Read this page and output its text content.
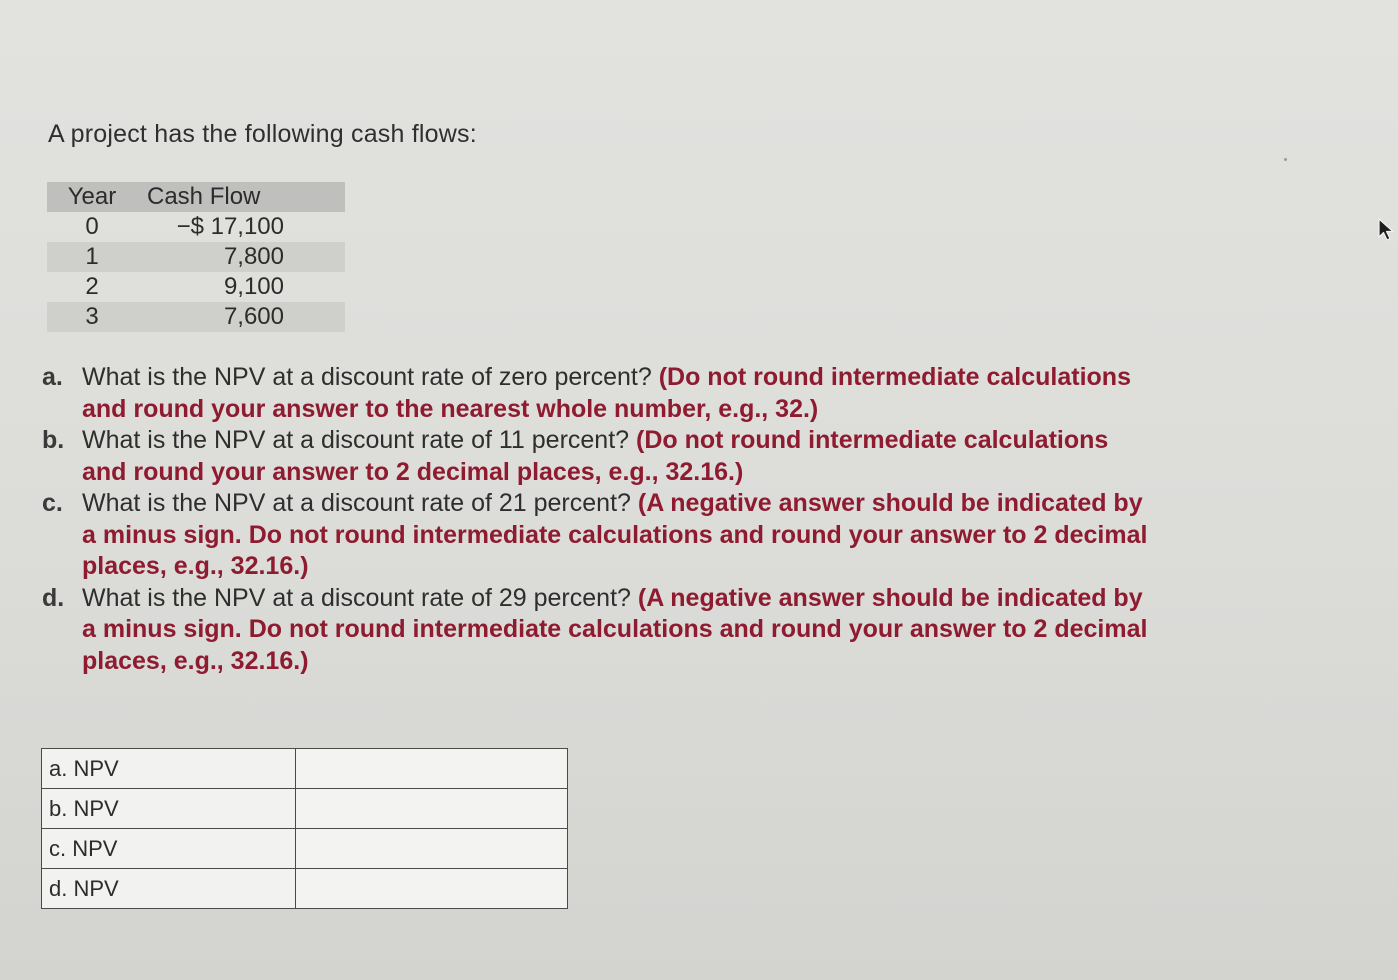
A project has the following cash flows:
Year	Cash Flow
0	−$ 17,100
1	7,800
2	9,100
3	7,600
a. What is the NPV at a discount rate of zero percent? (Do not round intermediate calculations and round your answer to the nearest whole number, e.g., 32.)
b. What is the NPV at a discount rate of 11 percent? (Do not round intermediate calculations and round your answer to 2 decimal places, e.g., 32.16.)
c. What is the NPV at a discount rate of 21 percent? (A negative answer should be indicated by a minus sign. Do not round intermediate calculations and round your answer to 2 decimal places, e.g., 32.16.)
d. What is the NPV at a discount rate of 29 percent? (A negative answer should be indicated by a minus sign. Do not round intermediate calculations and round your answer to 2 decimal places, e.g., 32.16.)
a. NPV	
b. NPV	
c. NPV	
d. NPV	
